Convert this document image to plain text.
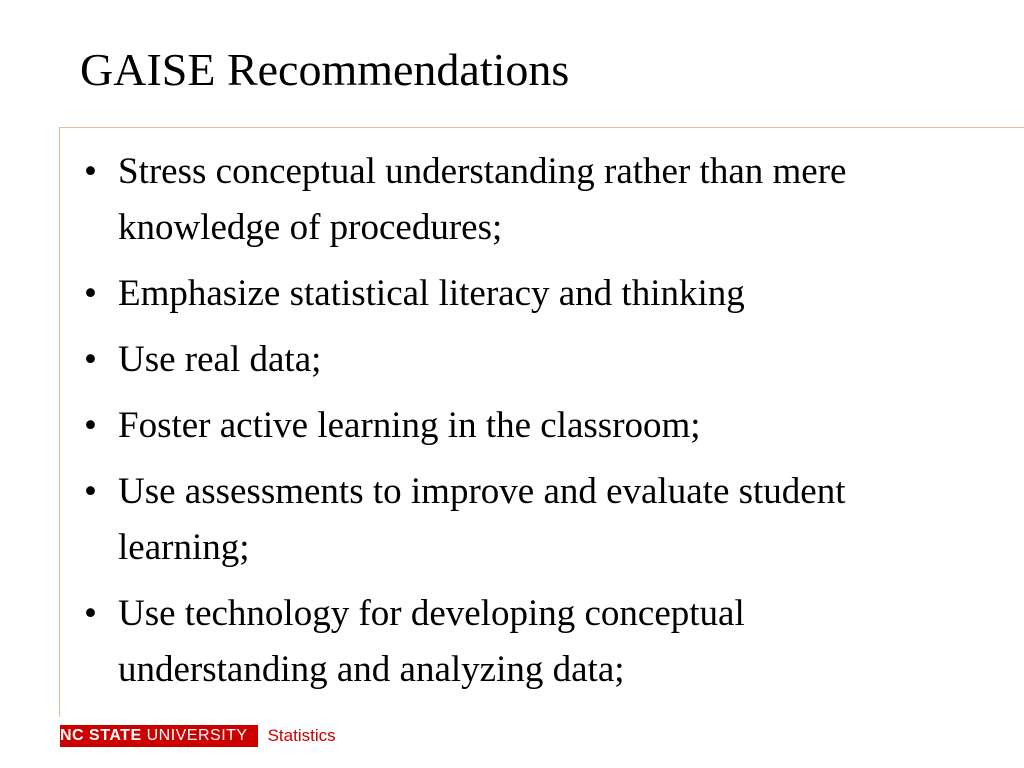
GAISE Recommendations
• Stress conceptual understanding rather than mere knowledge of procedures;
• Emphasize statistical literacy and thinking
• Use real data;
• Foster active learning in the classroom;
• Use assessments to improve and evaluate student learning;
• Use technology for developing conceptual understanding and analyzing data;
NC STATE
UNIVERSITY Statistics
